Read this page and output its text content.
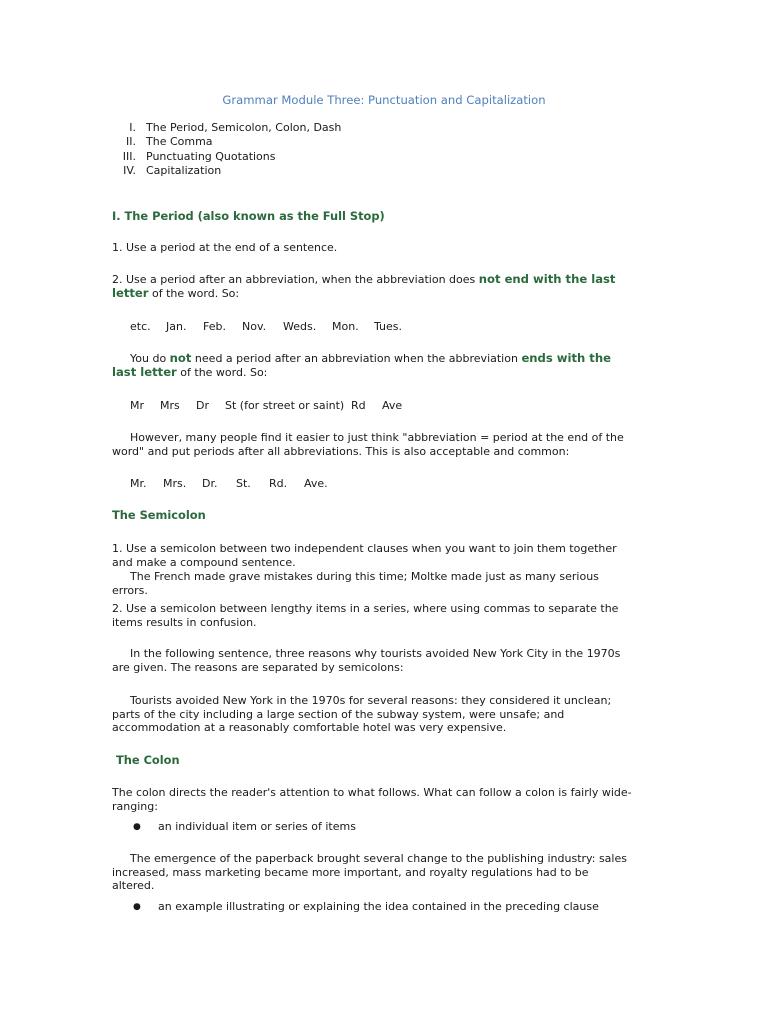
Grammar Module Three: Punctuation and Capitalization
I. The Period, Semicolon, Colon, Dash
II. The Comma
III. Punctuating Quotations
IV. Capitalization
I. The Period (also known as the Full Stop)

1. Use a period at the end of a sentence.

2. Use a period after an abbreviation, when the abbreviation does not end with the last letter of the word. So:

etc. Jan. Feb. Nov. Weds. Mon. Tues.

You do not need a period after an abbreviation when the abbreviation ends with the last letter of the word. So:

Mr Mrs Dr St (for street or saint) Rd Ave

However, many people find it easier to just think "abbreviation = period at the end of the word" and put periods after all abbreviations. This is also acceptable and common:

Mr. Mrs. Dr. St. Rd. Ave.
The Semicolon

1. Use a semicolon between two independent clauses when you want to join them together and make a compound sentence.

The French made grave mistakes during this time; Moltke made just as many serious errors.

2. Use a semicolon between lengthy items in a series, where using commas to separate the items results in confusion.

In the following sentence, three reasons why tourists avoided New York City in the 1970s are given. The reasons are separated by semicolons:

Tourists avoided New York in the 1970s for several reasons: they considered it unclean; parts of the city including a large section of the subway system, were unsafe; and accommodation at a reasonably comfortable hotel was very expensive.

The Colon

The colon directs the reader's attention to what follows. What can follow a colon is fairly wide-ranging:

● an individual item or series of items

The emergence of the paperback brought several change to the publishing industry: sales increased, mass marketing became more important, and royalty regulations had to be altered.

● an example illustrating or explaining the idea contained in the preceding clause
